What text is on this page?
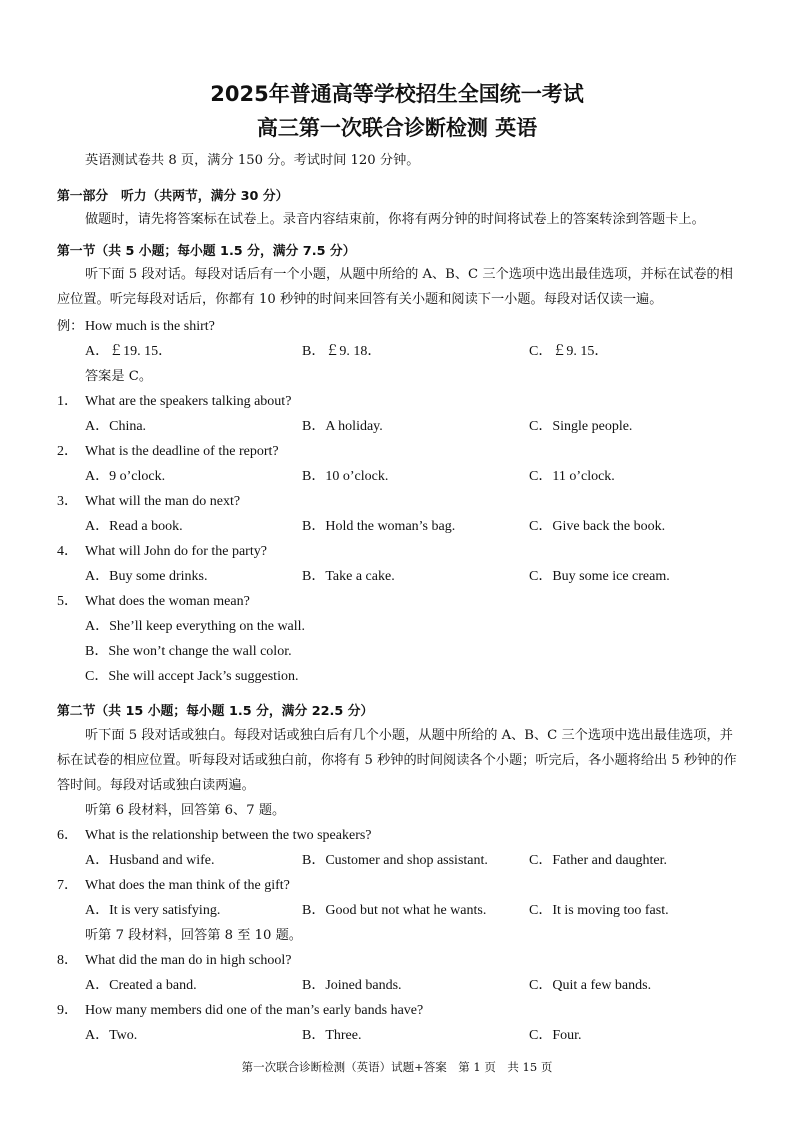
2025年普通高等学校招生全国统一考试
高三第一次联合诊断检测 英语
英语测试卷共 8 页，满分 150 分。考试时间 120 分钟。
第一部分　听力（共两节，满分 30 分）
做题时，请先将答案标在试卷上。录音内容结束前，你将有两分钟的时间将试卷上的答案转涂到答题卡上。
第一节（共 5 小题；每小题 1.5 分，满分 7.5 分）
听下面 5 段对话。每段对话后有一个小题，从题中所给的 A、B、C 三个选项中选出最佳选项，并标在试卷的相应位置。听完每段对话后，你都有 10 秒钟的时间来回答有关小题和阅读下一小题。每段对话仅读一遍。
例： How much is the shirt?
A．￡19. 15．	B．￡9. 18．	C．￡9. 15．
答案是 C。
1． What are the speakers talking about?
A．China.	B．A holiday.	C．Single people.
2． What is the deadline of the report?
A．9 o’clock.	B．10 o’clock.	C．11 o’clock.
3． What will the man do next?
A．Read a book.	B．Hold the woman’s bag.	C．Give back the book.
4． What will John do for the party?
A．Buy some drinks.	B．Take a cake.	C．Buy some ice cream.
5． What does the woman mean?
A．She’ll keep everything on the wall.
B．She won’t change the wall color.
C．She will accept Jack’s suggestion.
第二节（共 15 小题；每小题 1.5 分，满分 22.5 分）
听下面 5 段对话或独白。每段对话或独白后有几个小题，从题中所给的 A、B、C 三个选项中选出最佳选项，并标在试卷的相应位置。听每段对话或独白前，你将有 5 秒钟的时间阅读各个小题；听完后，各小题将给出 5 秒钟的作答时间。每段对话或独白读两遍。
听第 6 段材料，回答第 6、7 题。
6． What is the relationship between the two speakers?
A．Husband and wife.	B．Customer and shop assistant.	C．Father and daughter.
7． What does the man think of the gift?
A．It is very satisfying.	B．Good but not what he wants.	C．It is moving too fast.
听第 7 段材料，回答第 8 至 10 题。
8． What did the man do in high school?
A．Created a band.	B．Joined bands.	C．Quit a few bands.
9． How many members did one of the man’s early bands have?
A．Two.	B．Three.	C．Four.
第一次联合诊断检测（英语）试题+答案　第 1 页　共 15 页
